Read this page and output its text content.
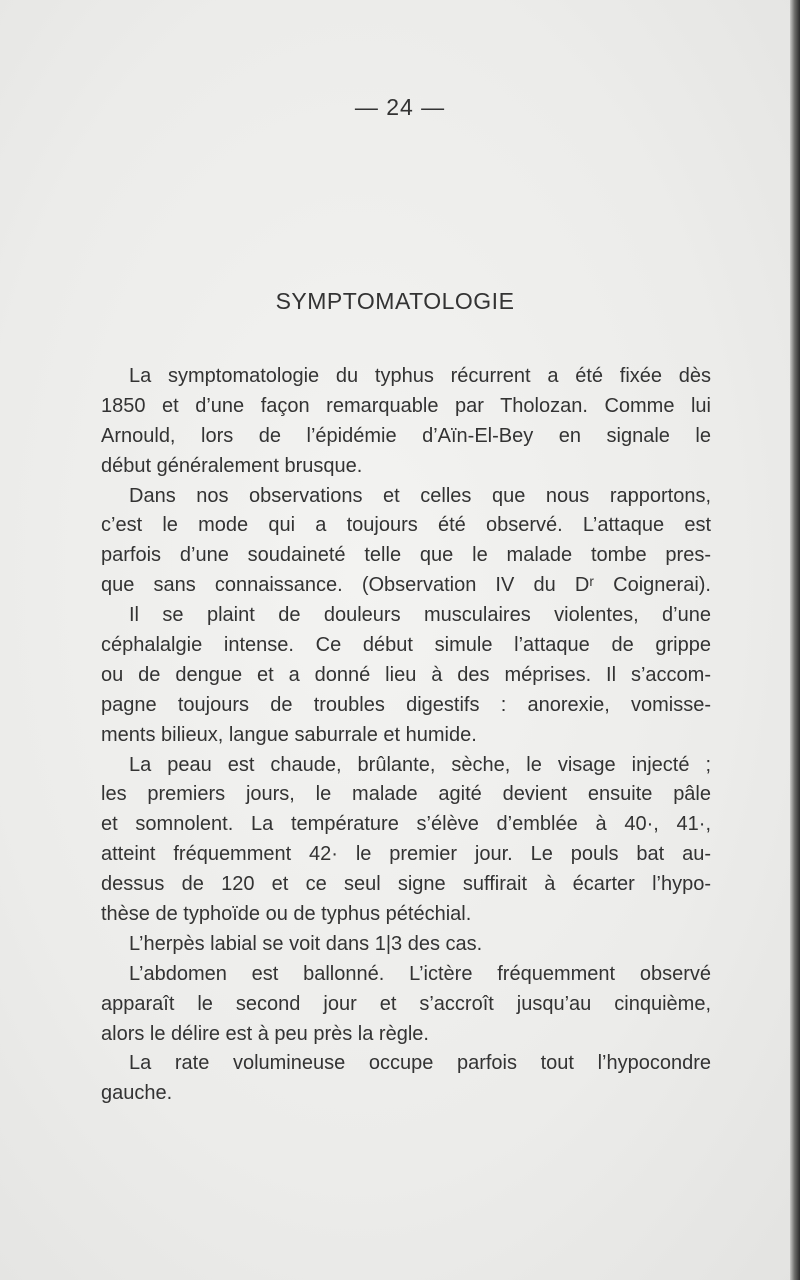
— 24 —
SYMPTOMATOLOGIE
La symptomatologie du typhus récurrent a été fixée dès
1850 et d’une façon remarquable par Tholozan. Comme lui
Arnould, lors de l’épidémie d’Aïn-El-Bey en signale le
début généralement brusque.
Dans nos observations et celles que nous rapportons,
c’est le mode qui a toujours été observé. L’attaque est
parfois d’une soudaineté telle que le malade tombe pres-
que sans connaissance. (Observation IV du Dʳ Coignerai).
Il se plaint de douleurs musculaires violentes, d’une
céphalalgie intense. Ce début simule l’attaque de grippe
ou de dengue et a donné lieu à des méprises. Il s’accom-
pagne toujours de troubles digestifs : anorexie, vomisse-
ments bilieux, langue saburrale et humide.
La peau est chaude, brûlante, sèche, le visage injecté ;
les premiers jours, le malade agité devient ensuite pâle
et somnolent. La température s’élève d’emblée à 40·, 41·,
atteint fréquemment 42· le premier jour. Le pouls bat au-
dessus de 120 et ce seul signe suffirait à écarter l’hypo-
thèse de typhoïde ou de typhus pétéchial.
L’herpès labial se voit dans 1|3 des cas.
L’abdomen est ballonné. L’ictère fréquemment observé
apparaît le second jour et s’accroît jusqu’au cinquième,
alors le délire est à peu près la règle.
La rate volumineuse occupe parfois tout l’hypocondre
gauche.
